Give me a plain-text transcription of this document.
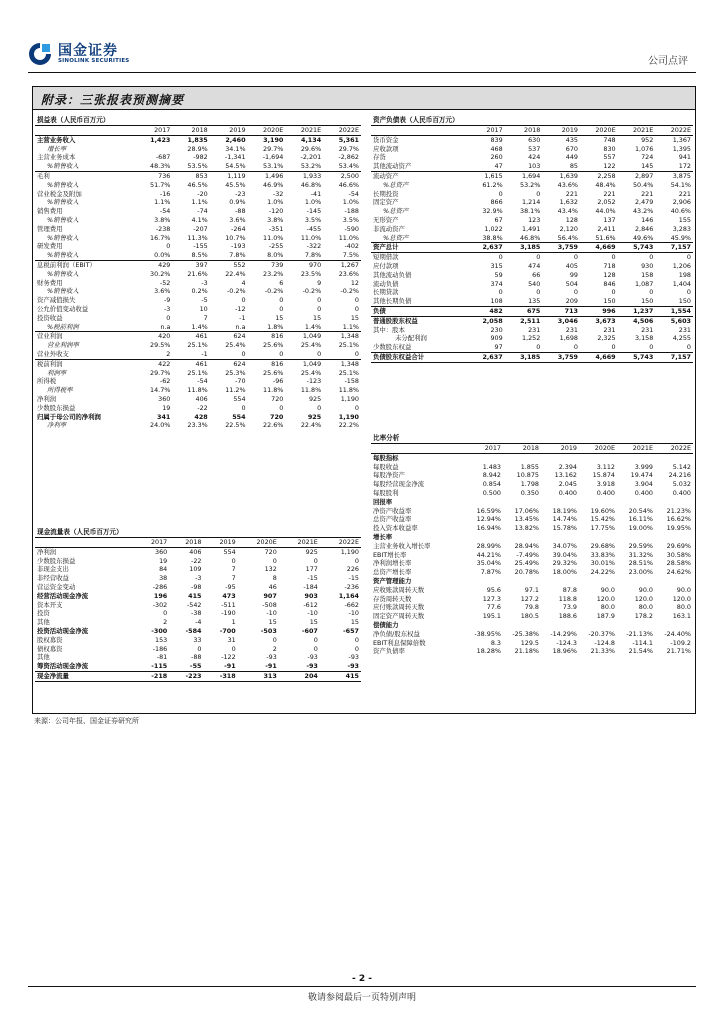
国金证券
SINOLINK SECURITIES	公司点评
附录：三张报表预测摘要
损益表（人民币百万元）						
	2017	2018	2019	2020E	2021E	2022E
主营业务收入	1,423	1,835	2,460	3,190	4,134	5,361
增长率		28.9%	34.1%	29.7%	29.6%	29.7%
主营业务成本	-687	-982	-1,341	-1,694	-2,201	-2,862
%销售收入	48.3%	53.5%	54.5%	53.1%	53.2%	53.4%
毛利	736	853	1,119	1,496	1,933	2,500
%销售收入	51.7%	46.5%	45.5%	46.9%	46.8%	46.6%
营业税金及附加	-16	-20	-23	-32	-41	-54
%销售收入	1.1%	1.1%	0.9%	1.0%	1.0%	1.0%
销售费用	-54	-74	-88	-120	-145	-188
%销售收入	3.8%	4.1%	3.6%	3.8%	3.5%	3.5%
管理费用	-238	-207	-264	-351	-455	-590
%销售收入	16.7%	11.3%	10.7%	11.0%	11.0%	11.0%
研发费用	0	-155	-193	-255	-322	-402
%销售收入	0.0%	8.5%	7.8%	8.0%	7.8%	7.5%
息税前利润（EBIT）	429	397	552	739	970	1,267
%销售收入	30.2%	21.6%	22.4%	23.2%	23.5%	23.6%
财务费用	-52	-3	4	6	9	12
%销售收入	3.6%	0.2%	-0.2%	-0.2%	-0.2%	-0.2%
资产减值损失	-9	-5	0	0	0	0
公允价值变动收益	-3	10	-12	0	0	0
投资收益	0	7	-1	15	15	15
%税前利润	n.a	1.4%	n.a	1.8%	1.4%	1.1%
营业利润	420	461	624	816	1,049	1,348
营业利润率	29.5%	25.1%	25.4%	25.6%	25.4%	25.1%
营业外收支	2	-1	0	0	0	0
税前利润	422	461	624	816	1,049	1,348
利润率	29.7%	25.1%	25.3%	25.6%	25.4%	25.1%
所得税	-62	-54	-70	-96	-123	-158
所得税率	14.7%	11.8%	11.2%	11.8%	11.8%	11.8%
净利润	360	406	554	720	925	1,190
少数股东损益	19	-22	0	0	0	0
归属于母公司的净利润	341	428	554	720	925	1,190
净利率	24.0%	23.3%	22.5%	22.6%	22.4%	22.2%
现金流量表（人民币百万元）						
	2017	2018	2019	2020E	2021E	2022E
净利润	360	406	554	720	925	1,190
少数股东损益	19	-22	0	0	0	0
非现金支出	84	109	7	132	177	226
非经营收益	38	-3	7	8	-15	-15
营运资金变动	-286	-98	-95	46	-184	-236
经营活动现金净流	196	415	473	907	903	1,164
资本开支	-302	-542	-511	-508	-612	-662
投资	0	-38	-190	-10	-10	-10
其他	2	-4	1	15	15	15
投资活动现金净流	-300	-584	-700	-503	-607	-657
股权募资	153	33	31	0	0	0
债权募资	-186	0	0	2	0	0
其他	-81	-88	-122	-93	-93	-93
筹资活动现金净流	-115	-55	-91	-91	-93	-93
现金净流量	-218	-223	-318	313	204	415
资产负债表（人民币百万元）						
	2017	2018	2019	2020E	2021E	2022E
货币资金	839	630	435	748	952	1,367
应收款项	468	537	670	830	1,076	1,395
存货	260	424	449	557	724	941
其他流动资产	47	103	85	122	145	172
流动资产	1,615	1,694	1,639	2,258	2,897	3,875
%总资产	61.2%	53.2%	43.6%	48.4%	50.4%	54.1%
长期投资	0	0	221	221	221	221
固定资产	866	1,214	1,632	2,052	2,479	2,906
%总资产	32.9%	38.1%	43.4%	44.0%	43.2%	40.6%
无形资产	67	123	128	137	146	155
非流动资产	1,022	1,491	2,120	2,411	2,846	3,283
%总资产	38.8%	46.8%	56.4%	51.6%	49.6%	45.9%
资产总计	2,637	3,185	3,759	4,669	5,743	7,157
短期借款	0	0	0	0	0	0
应付款项	315	474	405	718	930	1,206
其他流动负债	59	66	99	128	158	198
流动负债	374	540	504	846	1,087	1,404
长期贷款	0	0	0	0	0	0
其他长期负债	108	135	209	150	150	150
负债	482	675	713	996	1,237	1,554
普通股股东权益	2,058	2,511	3,046	3,673	4,506	5,603
其中：股本	230	231	231	231	231	231
未分配利润	909	1,252	1,698	2,325	3,158	4,255
少数股东权益	97	0	0	0	0	0
负债股东权益合计	2,637	3,185	3,759	4,669	5,743	7,157
比率分析						
	2017	2018	2019	2020E	2021E	2022E
每股指标						
每股收益	1.483	1.855	2.394	3.112	3.999	5.142
每股净资产	8.942	10.875	13.162	15.874	19.474	24.216
每股经营现金净流	0.854	1.798	2.045	3.918	3.904	5.032
每股股利	0.500	0.350	0.400	0.400	0.400	0.400
回报率						
净资产收益率	16.59%	17.06%	18.19%	19.60%	20.54%	21.23%
总资产收益率	12.94%	13.45%	14.74%	15.42%	16.11%	16.62%
投入资本收益率	16.94%	13.82%	15.78%	17.75%	19.00%	19.95%
增长率						
主营业务收入增长率	28.99%	28.94%	34.07%	29.68%	29.59%	29.69%
EBIT增长率	44.21%	-7.49%	39.04%	33.83%	31.32%	30.58%
净利润增长率	35.04%	25.49%	29.32%	30.01%	28.51%	28.58%
总资产增长率	7.87%	20.78%	18.00%	24.22%	23.00%	24.62%
资产管理能力						
应收账款周转天数	95.6	97.1	87.8	90.0	90.0	90.0
存货周转天数	127.3	127.2	118.8	120.0	120.0	120.0
应付账款周转天数	77.6	79.8	73.9	80.0	80.0	80.0
固定资产周转天数	195.1	180.5	188.6	187.9	178.2	163.1
偿债能力						
净负债/股东权益	-38.95%	-25.38%	-14.29%	-20.37%	-21.13%	-24.40%
EBIT利息保障倍数	8.3	129.5	-124.3	-124.8	-114.1	-109.2
资产负债率	18.28%	21.18%	18.96%	21.33%	21.54%	21.71%
来源：公司年报、国金证券研究所
- 2 -
敬请参阅最后一页特别声明
